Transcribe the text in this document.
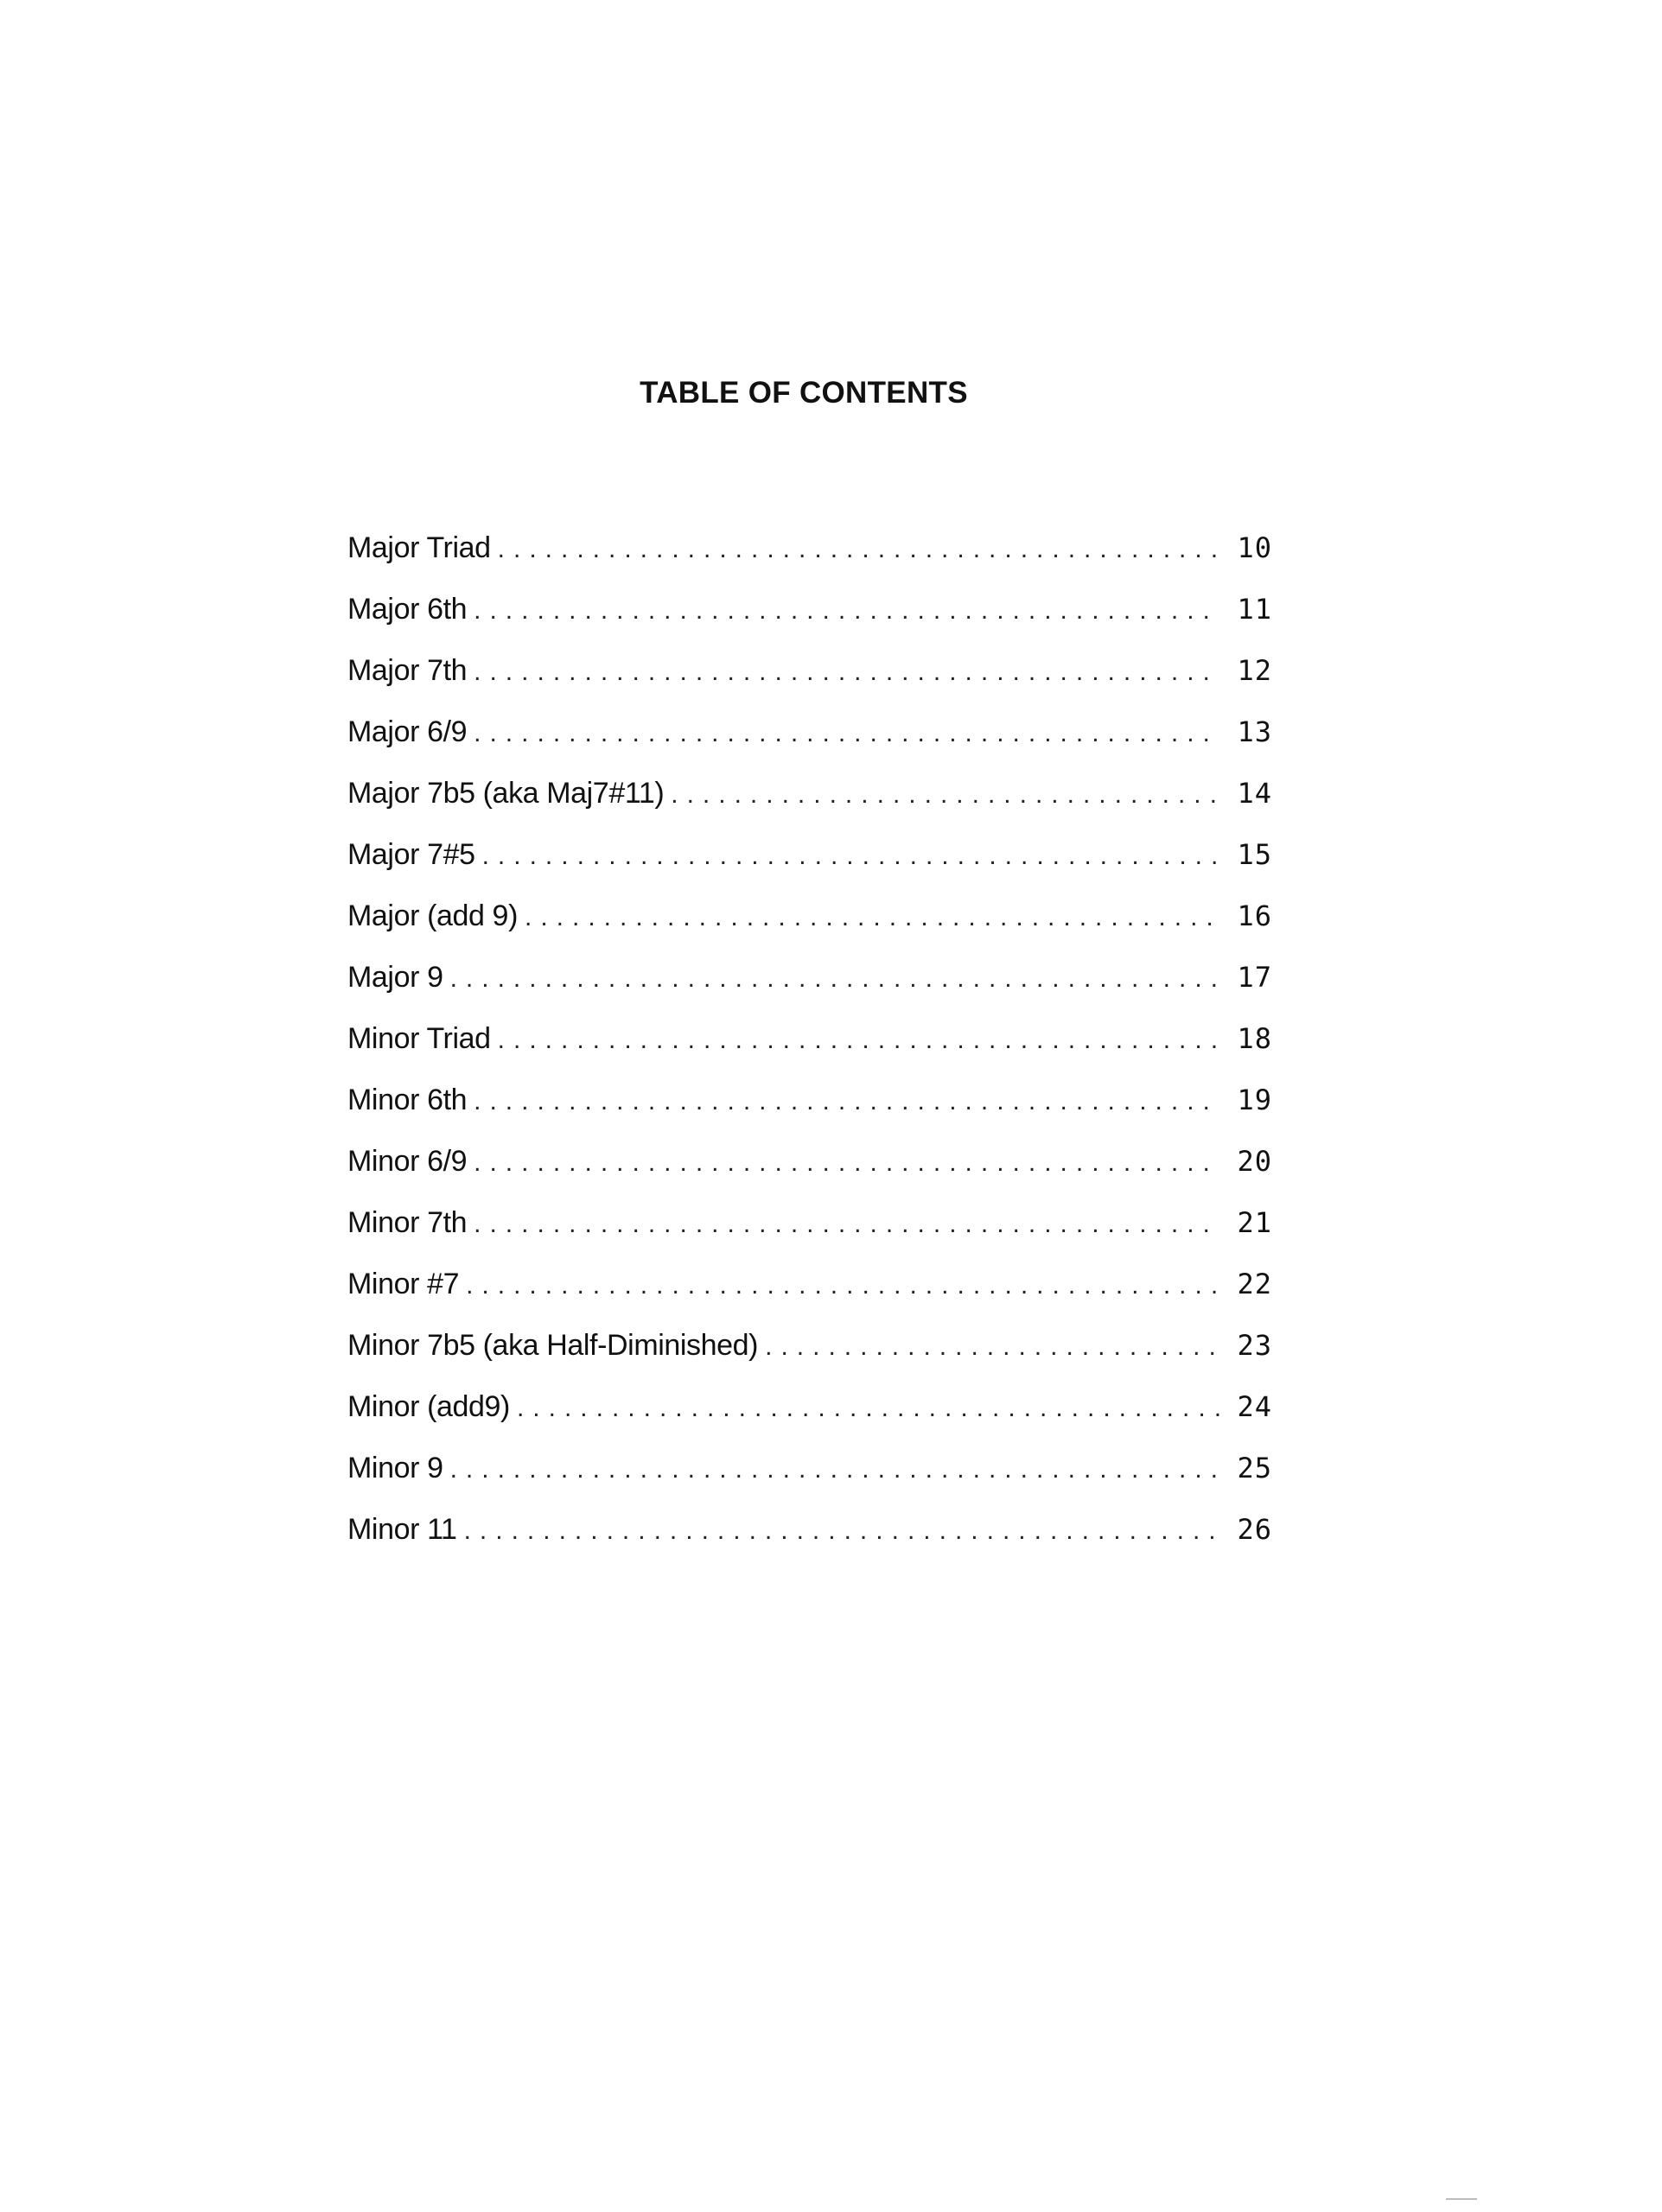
TABLE OF CONTENTS
Major Triad .....	10
Major 6th .....	11
Major 7th .....	12
Major 6/9 .....	13
Major 7b5 (aka Maj7#11) .....	14
Major 7#5 .....	15
Major (add 9) .....	16
Major 9 .....	17
Minor Triad .....	18
Minor 6th .....	19
Minor 6/9 .....	20
Minor 7th .....	21
Minor #7 .....	22
Minor 7b5 (aka Half-Diminished) .....	23
Minor (add9) .....	24
Minor 9 .....	25
Minor 11 .....	26
